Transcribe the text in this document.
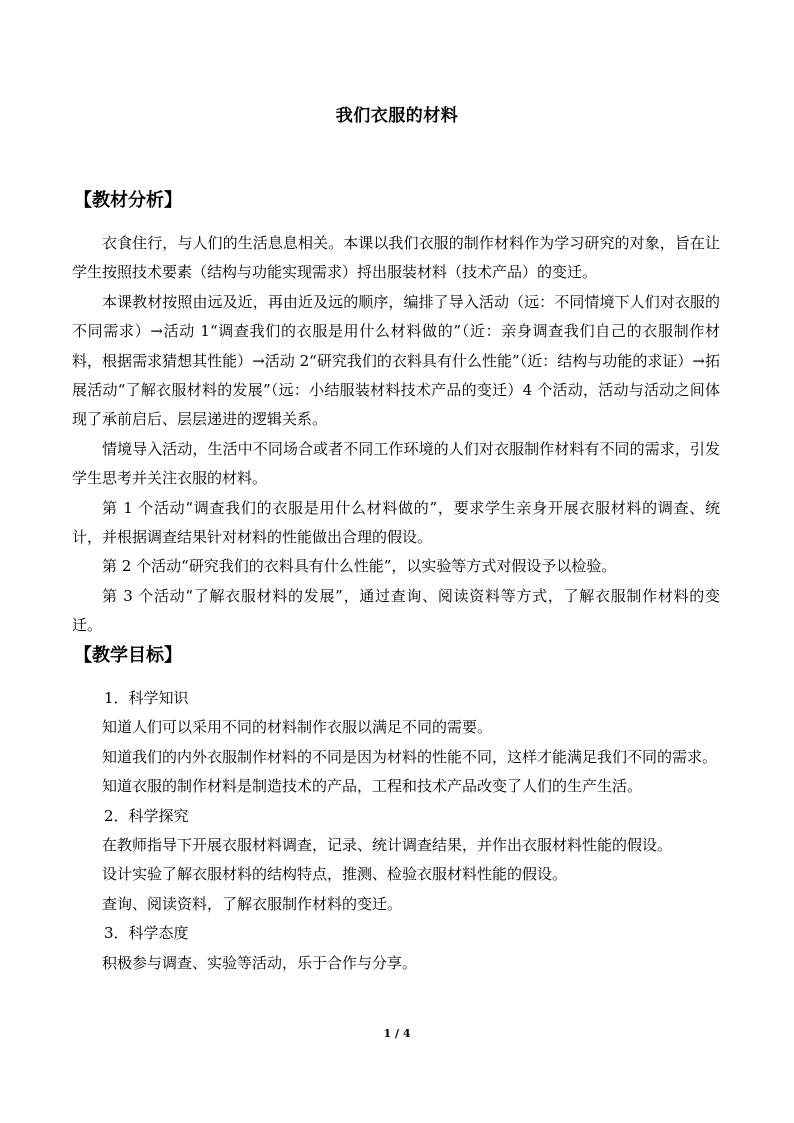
我们衣服的材料
【教材分析】

衣食住行，与人们的生活息息相关。本课以我们衣服的制作材料作为学习研究的对象，旨在让学生按照技术要素（结构与功能实现需求）捋出服装材料（技术产品）的变迁。

本课教材按照由远及近，再由近及远的顺序，编排了导入活动（远：不同情境下人们对衣服的不同需求）→活动 1“调查我们的衣服是用什么材料做的”（近：亲身调查我们自己的衣服制作材料，根据需求猜想其性能）→活动 2“研究我们的衣料具有什么性能”（近：结构与功能的求证）→拓展活动“了解衣服材料的发展”（远：小结服装材料技术产品的变迁）4 个活动，活动与活动之间体现了承前启后、层层递进的逻辑关系。

情境导入活动，生活中不同场合或者不同工作环境的人们对衣服制作材料有不同的需求，引发学生思考并关注衣服的材料。

第 1 个活动“调查我们的衣服是用什么材料做的”，要求学生亲身开展衣服材料的调查、统计，并根据调查结果针对材料的性能做出合理的假设。

第 2 个活动“研究我们的衣料具有什么性能”，以实验等方式对假设予以检验。

第 3 个活动“了解衣服材料的发展”，通过查询、阅读资料等方式，了解衣服制作材料的变迁。

【教学目标】

1．科学知识

知道人们可以采用不同的材料制作衣服以满足不同的需要。

知道我们的内外衣服制作材料的不同是因为材料的性能不同，这样才能满足我们不同的需求。

知道衣服的制作材料是制造技术的产品，工程和技术产品改变了人们的生产生活。

2．科学探究

在教师指导下开展衣服材料调查，记录、统计调查结果，并作出衣服材料性能的假设。

设计实验了解衣服材料的结构特点，推测、检验衣服材料性能的假设。

查询、阅读资料，了解衣服制作材料的变迁。

3．科学态度

积极参与调查、实验等活动，乐于合作与分享。

1 / 4
